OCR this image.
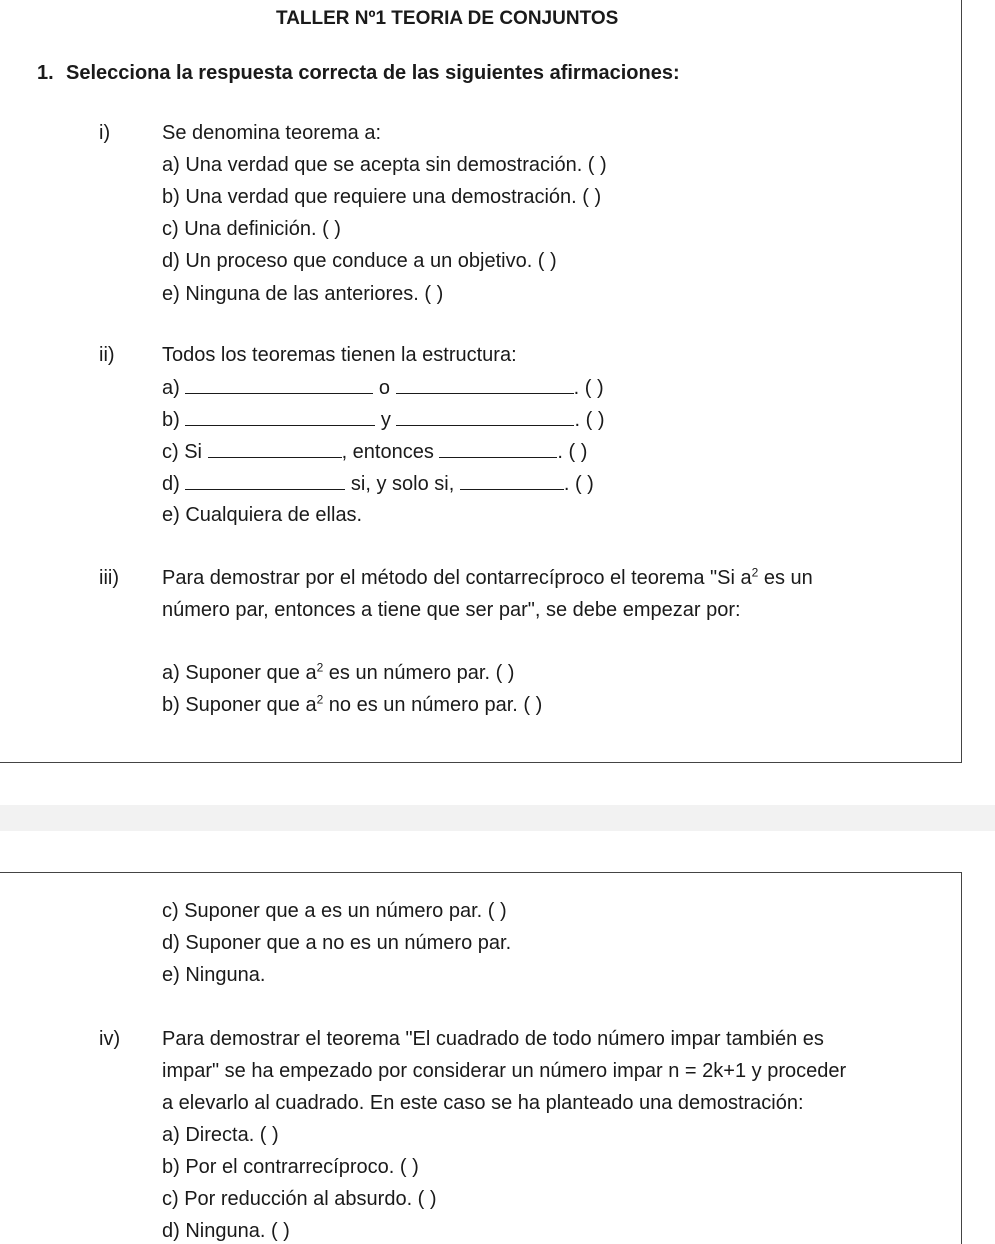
TALLER Nº1 TEORIA DE CONJUNTOS
1. Selecciona la respuesta correcta de las siguientes afirmaciones:
i)	Se denomina teorema a:
a) Una verdad que se acepta sin demostración. ( )
b) Una verdad que requiere una demostración. ( )
c) Una definición. ( )
d) Un proceso que conduce a un objetivo. ( )
e) Ninguna de las anteriores. ( )
ii) Todos los teoremas tienen la estructura:
a)	o	. ( )
b)	y	. ( )
c) Si	, entonces	. ( )
d)	si, y solo si,	. ( )
e) Cualquiera de ellas.
iii) Para demostrar por el método del contarrecíproco el teorema "Si $a^2$ es un
número par, entonces a tiene que ser par", se debe empezar por:
a) Suponer que $a^2$ es un número par. ( )
b) Suponer que $a^2$ no es un número par. ( )
c) Suponer que a es un número par. ( )
d) Suponer que a no es un número par.
e) Ninguna.
iv) Para demostrar el teorema "El cuadrado de todo número impar también es
impar" se ha empezado por considerar un número impar n = 2k+1 y proceder
a elevarlo al cuadrado. En este caso se ha planteado una demostración:
a) Directa. ( )
b) Por el contrarrecíproco. ( )
c) Por reducción al absurdo. ( )
d) Ninguna. ( )
